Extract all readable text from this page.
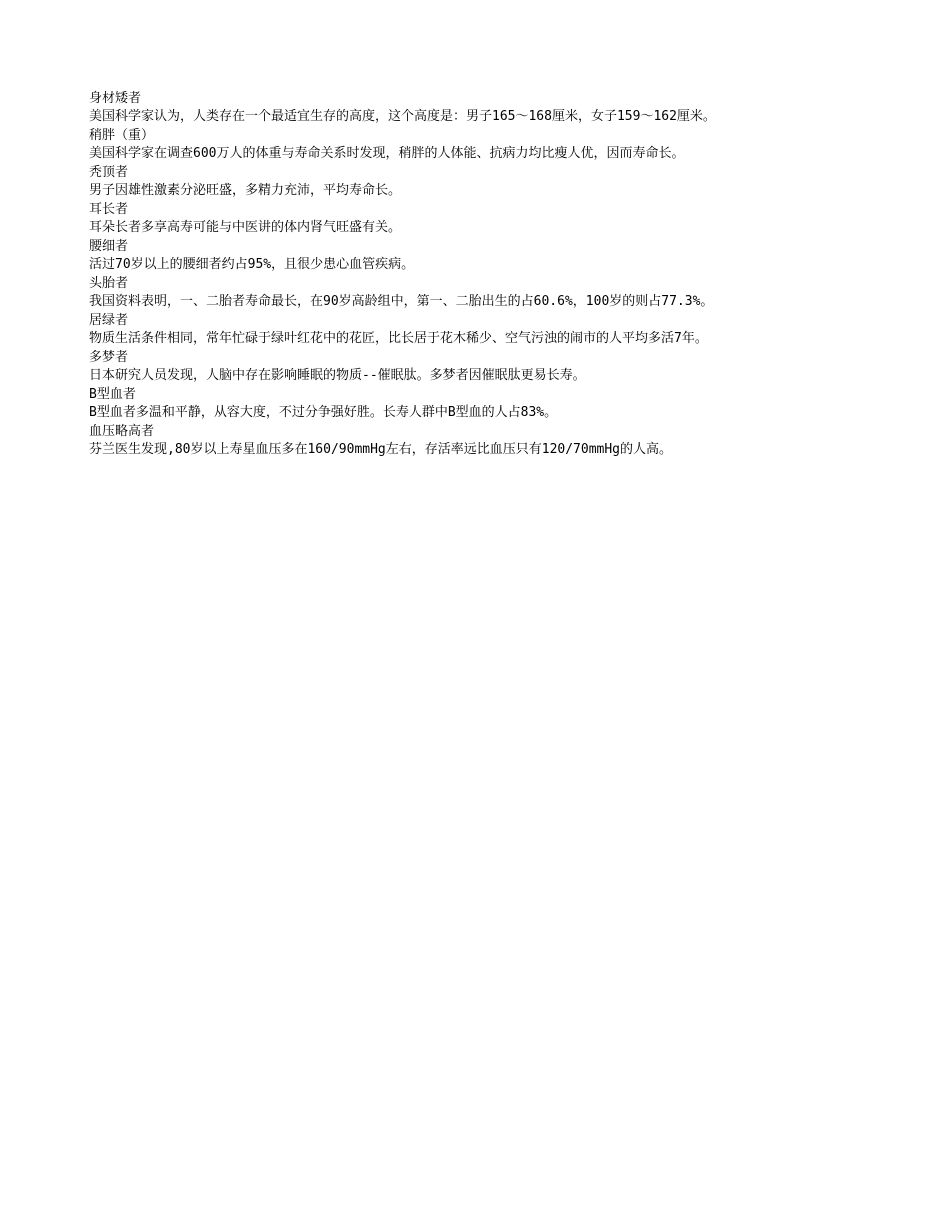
身材矮者
美国科学家认为，人类存在一个最适宜生存的高度，这个高度是：男子165～168厘米，女子159～162厘米。
稍胖（重）
美国科学家在调查600万人的体重与寿命关系时发现，稍胖的人体能、抗病力均比瘦人优，因而寿命长。
秃顶者
男子因雄性激素分泌旺盛，多精力充沛，平均寿命长。
耳长者
耳朵长者多享高寿可能与中医讲的体内肾气旺盛有关。
腰细者
活过70岁以上的腰细者约占95%，且很少患心血管疾病。
头胎者
我国资料表明，一、二胎者寿命最长，在90岁高龄组中，第一、二胎出生的占60.6%，100岁的则占77.3%。
居绿者
物质生活条件相同，常年忙碌于绿叶红花中的花匠，比长居于花木稀少、空气污浊的闹市的人平均多活7年。
多梦者
日本研究人员发现，人脑中存在影响睡眠的物质--催眠肽。多梦者因催眠肽更易长寿。
B型血者
B型血者多温和平静，从容大度，不过分争强好胜。长寿人群中B型血的人占83%。
血压略高者
芬兰医生发现,80岁以上寿星血压多在160/90mmHg左右，存活率远比血压只有120/70mmHg的人高。
